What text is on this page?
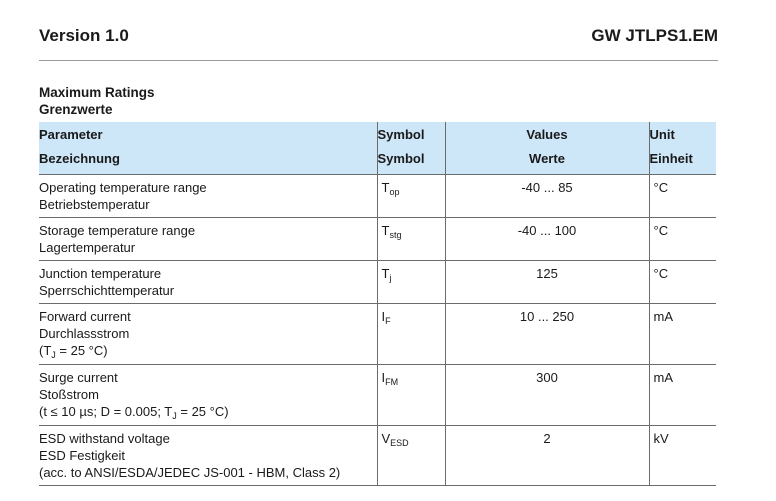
Version 1.0	GW JTLPS1.EM
Maximum Ratings
Grenzwerte
Parameter	Symbol	Values	Unit
Bezeichnung	Symbol	Werte	Einheit

Operating temperature range
Betriebstemperatur	$T_{op}$	-40 ... 85	°C

Storage temperature range
Lagertemperatur	$T_{stg}$	-40 ... 100	°C

Junction temperature
Sperrschichttemperatur	$T_j$	125	°C

Forward current
Durchlassstrom
($T_J = 25$ °C)	$I_F$	10 ... 250	mA

Surge current
Stoßstrom
(t ≤ 10 µs; D = 0.005; $T_J = 25$ °C)	$I_{FM}$	300	mA

ESD withstand voltage
ESD Festigkeit
(acc. to ANSI/ESDA/JEDEC JS-001 - HBM, Class 2)	$V_{ESD}$	2	kV
